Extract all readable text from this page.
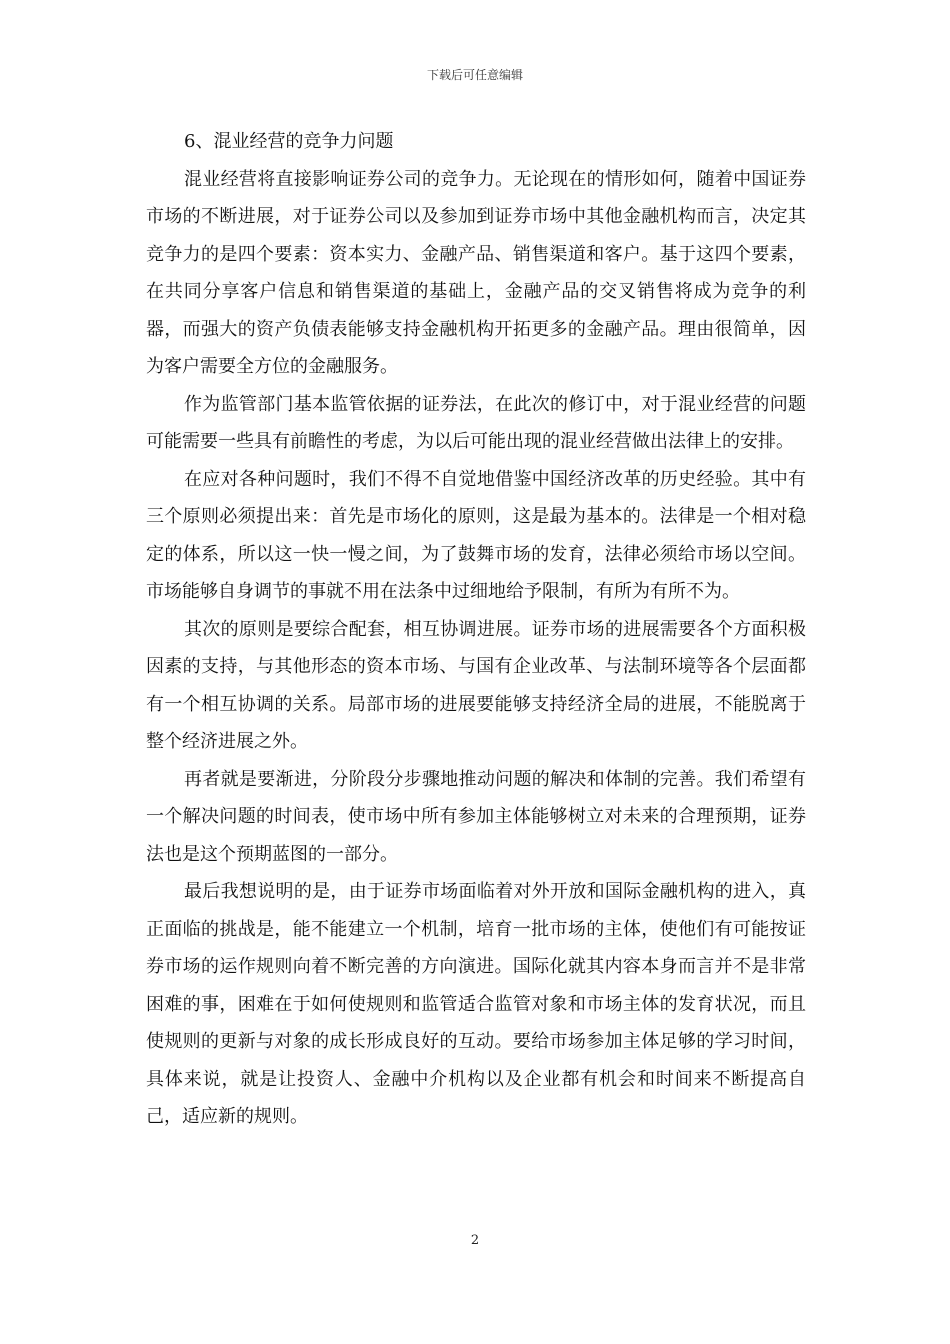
下载后可任意编辑

6、混业经营的竞争力问题

混业经营将直接影响证券公司的竞争力。无论现在的情形如何，随着中国证券市场的不断进展，对于证券公司以及参加到证券市场中其他金融机构而言，决定其竞争力的是四个要素：资本实力、金融产品、销售渠道和客户。基于这四个要素，在共同分享客户信息和销售渠道的基础上，金融产品的交叉销售将成为竞争的利器，而强大的资产负债表能够支持金融机构开拓更多的金融产品。理由很简单，因为客户需要全方位的金融服务。

作为监管部门基本监管依据的证券法，在此次的修订中，对于混业经营的问题可能需要一些具有前瞻性的考虑，为以后可能出现的混业经营做出法律上的安排。

在应对各种问题时，我们不得不自觉地借鉴中国经济改革的历史经验。其中有三个原则必须提出来：首先是市场化的原则，这是最为基本的。法律是一个相对稳定的体系，所以这一快一慢之间，为了鼓舞市场的发育，法律必须给市场以空间。市场能够自身调节的事就不用在法条中过细地给予限制，有所为有所不为。

其次的原则是要综合配套，相互协调进展。证券市场的进展需要各个方面积极因素的支持，与其他形态的资本市场、与国有企业改革、与法制环境等各个层面都有一个相互协调的关系。局部市场的进展要能够支持经济全局的进展，不能脱离于整个经济进展之外。

再者就是要渐进，分阶段分步骤地推动问题的解决和体制的完善。我们希望有一个解决问题的时间表，使市场中所有参加主体能够树立对未来的合理预期，证券法也是这个预期蓝图的一部分。

最后我想说明的是，由于证券市场面临着对外开放和国际金融机构的进入，真正面临的挑战是，能不能建立一个机制，培育一批市场的主体，使他们有可能按证券市场的运作规则向着不断完善的方向演进。国际化就其内容本身而言并不是非常困难的事，困难在于如何使规则和监管适合监管对象和市场主体的发育状况，而且使规则的更新与对象的成长形成良好的互动。要给市场参加主体足够的学习时间，具体来说，就是让投资人、金融中介机构以及企业都有机会和时间来不断提高自己，适应新的规则。

2
